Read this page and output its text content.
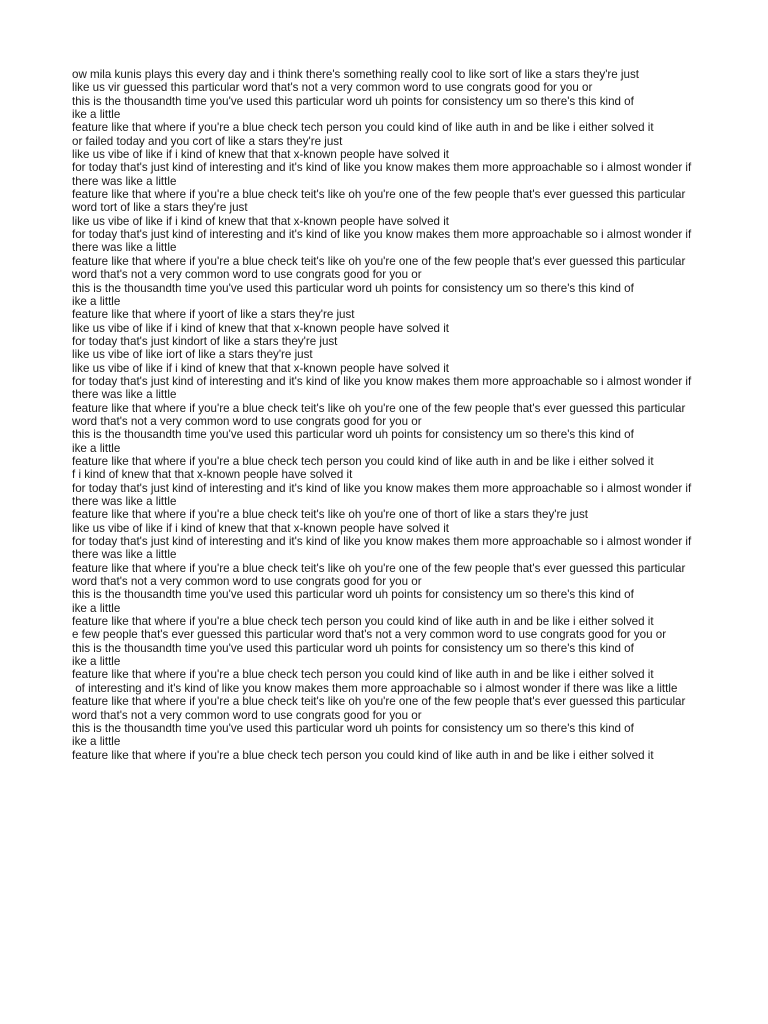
ow mila kunis plays this every day and i think there's something really cool to like sort of like a stars they're just

like us vir guessed this particular word that's not a very common word to use congrats good for you or

this is the thousandth time you've used this particular word uh points for consistency um so there's this kind of

ike a little

feature like that where if you're a blue check tech person you could kind of like auth in and be like i either solved it

or failed today and you cort of like a stars they're just

like us vibe of like if i kind of knew that that x-known people have solved it

for today that's just kind of interesting and it's kind of like you know makes them more approachable so i almost wonder if there was like a little

feature like that where if you're a blue check teit's like oh you're one of the few people that's ever guessed this particular word tort of like a stars they're just

like us vibe of like if i kind of knew that that x-known people have solved it

for today that's just kind of interesting and it's kind of like you know makes them more approachable so i almost wonder if there was like a little

feature like that where if you're a blue check teit's like oh you're one of the few people that's ever guessed this particular word that's not a very common word to use congrats good for you or

this is the thousandth time you've used this particular word uh points for consistency um so there's this kind of

ike a little

feature like that where if yoort of like a stars they're just

like us vibe of like if i kind of knew that that x-known people have solved it

for today that's just kindort of like a stars they're just

like us vibe of like iort of like a stars they're just

like us vibe of like if i kind of knew that that x-known people have solved it

for today that's just kind of interesting and it's kind of like you know makes them more approachable so i almost wonder if there was like a little

feature like that where if you're a blue check teit's like oh you're one of the few people that's ever guessed this particular word that's not a very common word to use congrats good for you or

this is the thousandth time you've used this particular word uh points for consistency um so there's this kind of

ike a little

feature like that where if you're a blue check tech person you could kind of like auth in and be like i either solved it

f i kind of knew that that x-known people have solved it

for today that's just kind of interesting and it's kind of like you know makes them more approachable so i almost wonder if there was like a little

feature like that where if you're a blue check teit's like oh you're one of thort of like a stars they're just

like us vibe of like if i kind of knew that that x-known people have solved it

for today that's just kind of interesting and it's kind of like you know makes them more approachable so i almost wonder if there was like a little

feature like that where if you're a blue check teit's like oh you're one of the few people that's ever guessed this particular word that's not a very common word to use congrats good for you or

this is the thousandth time you've used this particular word uh points for consistency um so there's this kind of

ike a little

feature like that where if you're a blue check tech person you could kind of like auth in and be like i either solved it

e few people that's ever guessed this particular word that's not a very common word to use congrats good for you or

this is the thousandth time you've used this particular word uh points for consistency um so there's this kind of

ike a little

feature like that where if you're a blue check tech person you could kind of like auth in and be like i either solved it

of interesting and it's kind of like you know makes them more approachable so i almost wonder if there was like a little

feature like that where if you're a blue check teit's like oh you're one of the few people that's ever guessed this particular word that's not a very common word to use congrats good for you or

this is the thousandth time you've used this particular word uh points for consistency um so there's this kind of

ike a little

feature like that where if you're a blue check tech person you could kind of like auth in and be like i either solved it
